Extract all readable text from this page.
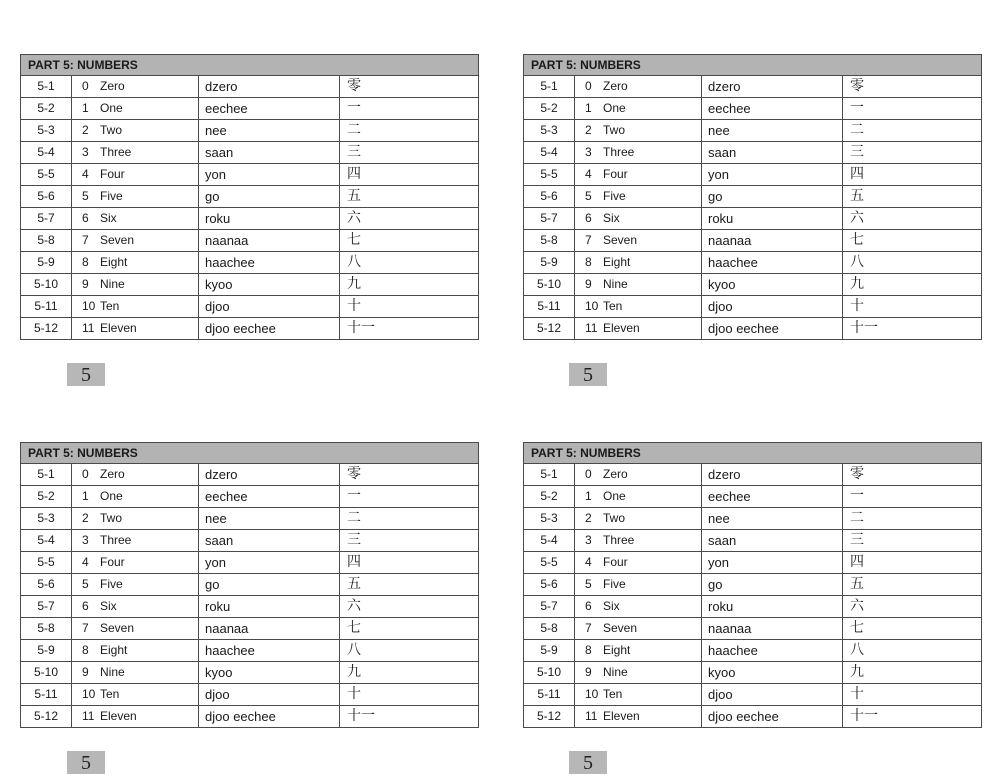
PART 5: NUMBERS			
5-1	0 Zero	dzero	零
5-2	1 One	eechee	一
5-3	2 Two	nee	二
5-4	3 Three	saan	三
5-5	4 Four	yon	四
5-6	5 Five	go	五
5-7	6 Six	roku	六
5-8	7 Seven	naanaa	七
5-9	8 Eight	haachee	八
5-10	9 Nine	kyoo	九
5-11	10 Ten	djoo	十
5-12	11 Eleven	djoo eechee	十一
5
PART 5: NUMBERS			
5-1	0 Zero	dzero	零
5-2	1 One	eechee	一
5-3	2 Two	nee	二
5-4	3 Three	saan	三
5-5	4 Four	yon	四
5-6	5 Five	go	五
5-7	6 Six	roku	六
5-8	7 Seven	naanaa	七
5-9	8 Eight	haachee	八
5-10	9 Nine	kyoo	九
5-11	10 Ten	djoo	十
5-12	11 Eleven	djoo eechee	十一
5
PART 5: NUMBERS			
5-1	0 Zero	dzero	零
5-2	1 One	eechee	一
5-3	2 Two	nee	二
5-4	3 Three	saan	三
5-5	4 Four	yon	四
5-6	5 Five	go	五
5-7	6 Six	roku	六
5-8	7 Seven	naanaa	七
5-9	8 Eight	haachee	八
5-10	9 Nine	kyoo	九
5-11	10 Ten	djoo	十
5-12	11 Eleven	djoo eechee	十一
5
PART 5: NUMBERS			
5-1	0 Zero	dzero	零
5-2	1 One	eechee	一
5-3	2 Two	nee	二
5-4	3 Three	saan	三
5-5	4 Four	yon	四
5-6	5 Five	go	五
5-7	6 Six	roku	六
5-8	7 Seven	naanaa	七
5-9	8 Eight	haachee	八
5-10	9 Nine	kyoo	九
5-11	10 Ten	djoo	十
5-12	11 Eleven	djoo eechee	十一
5
